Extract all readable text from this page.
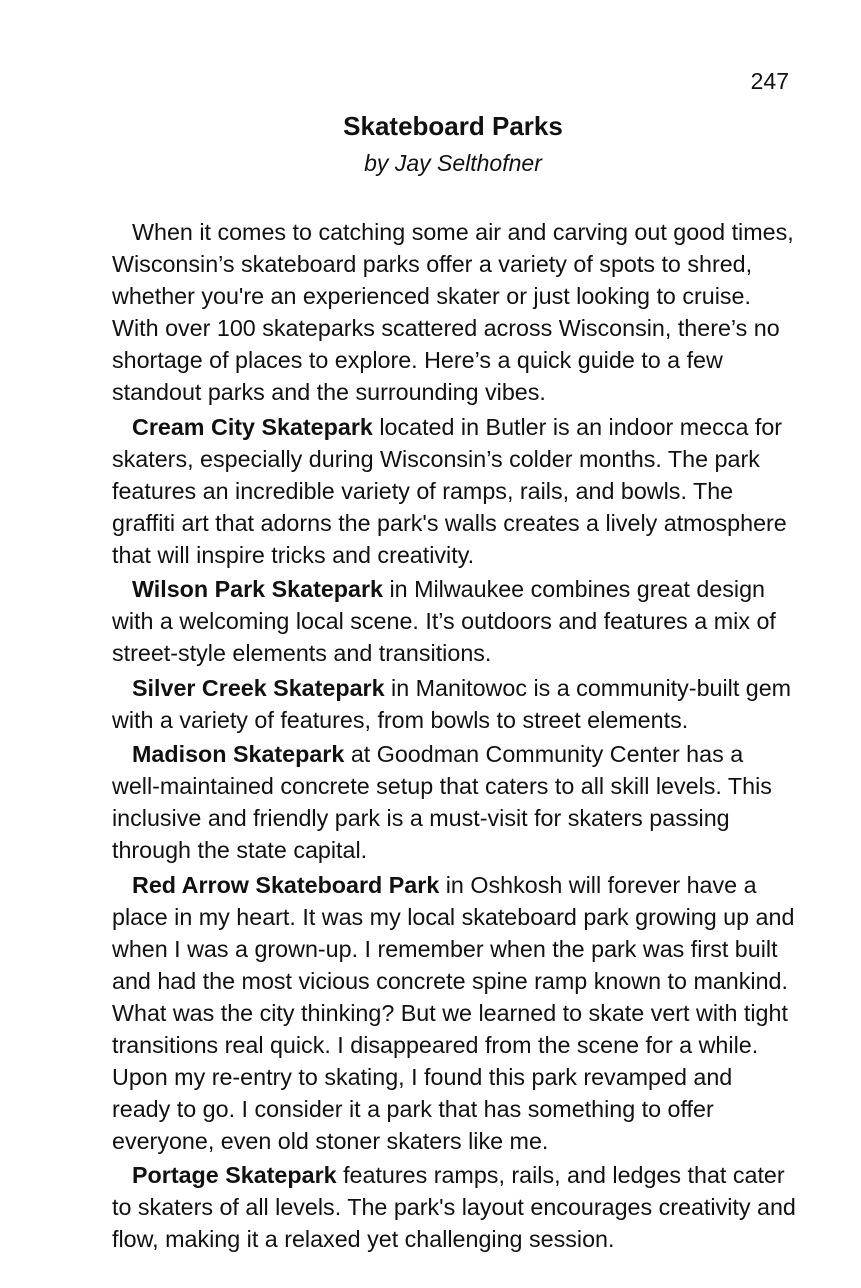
247
Skateboard Parks
by Jay Selthofner

When it comes to catching some air and carving out good times, Wisconsin’s skateboard parks offer a variety of spots to shred, whether you're an experienced skater or just looking to cruise. With over 100 skateparks scattered across Wisconsin, there’s no shortage of places to explore. Here’s a quick guide to a few standout parks and the surrounding vibes.

Cream City Skatepark located in Butler is an indoor mecca for skaters, especially during Wisconsin’s colder months. The park features an incredible variety of ramps, rails, and bowls. The graffiti art that adorns the park's walls creates a lively atmosphere that will inspire tricks and creativity.

Wilson Park Skatepark in Milwaukee combines great design with a welcoming local scene. It’s outdoors and features a mix of street-style elements and transitions.

Silver Creek Skatepark in Manitowoc is a community-built gem with a variety of features, from bowls to street elements.

Madison Skatepark at Goodman Community Center has a well-maintained concrete setup that caters to all skill levels. This inclusive and friendly park is a must-visit for skaters passing through the state capital.

Red Arrow Skateboard Park in Oshkosh will forever have a place in my heart. It was my local skateboard park growing up and when I was a grown-up. I remember when the park was first built and had the most vicious concrete spine ramp known to mankind. What was the city thinking? But we learned to skate vert with tight transitions real quick. I disappeared from the scene for a while. Upon my re-entry to skating, I found this park revamped and ready to go. I consider it a park that has something to offer everyone, even old stoner skaters like me.

Portage Skatepark features ramps, rails, and ledges that cater to skaters of all levels. The park's layout encourages creativity and flow, making it a relaxed yet challenging session.
